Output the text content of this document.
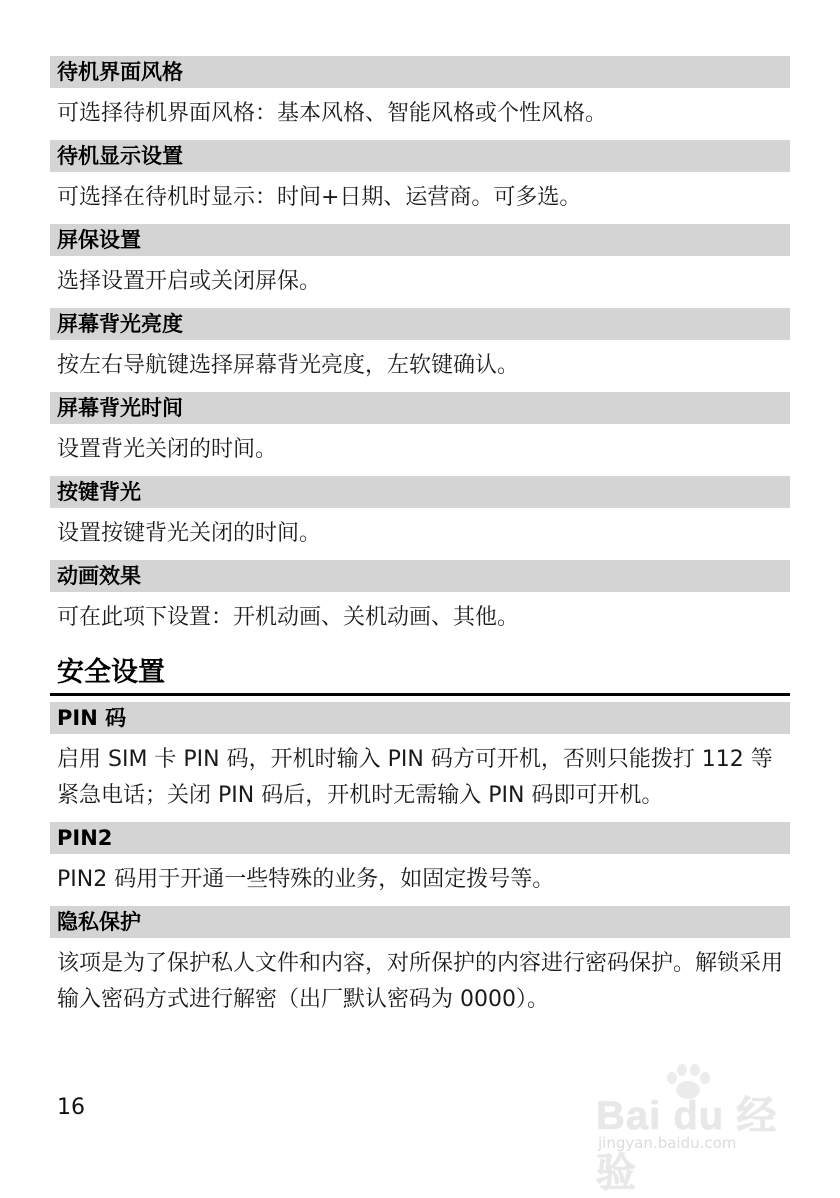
待机界面风格
可选择待机界面风格：基本风格、智能风格或个性风格。
待机显示设置
可选择在待机时显示：时间+日期、运营商。可多选。
屏保设置
选择设置开启或关闭屏保。
屏幕背光亮度
按左右导航键选择屏幕背光亮度，左软键确认。
屏幕背光时间
设置背光关闭的时间。
按键背光
设置按键背光关闭的时间。
动画效果
可在此项下设置：开机动画、关机动画、其他。
安全设置
PIN 码
启用 SIM 卡 PIN 码，开机时输入 PIN 码方可开机，否则只能拨打 112 等紧急电话；关闭 PIN 码后，开机时无需输入 PIN 码即可开机。
PIN2
PIN2 码用于开通一些特殊的业务，如固定拨号等。
隐私保护
该项是为了保护私人文件和内容，对所保护的内容进行密码保护。解锁采用输入密码方式进行解密（出厂默认密码为 0000）。
16	Bai du 经验
jingyan.baidu.com
